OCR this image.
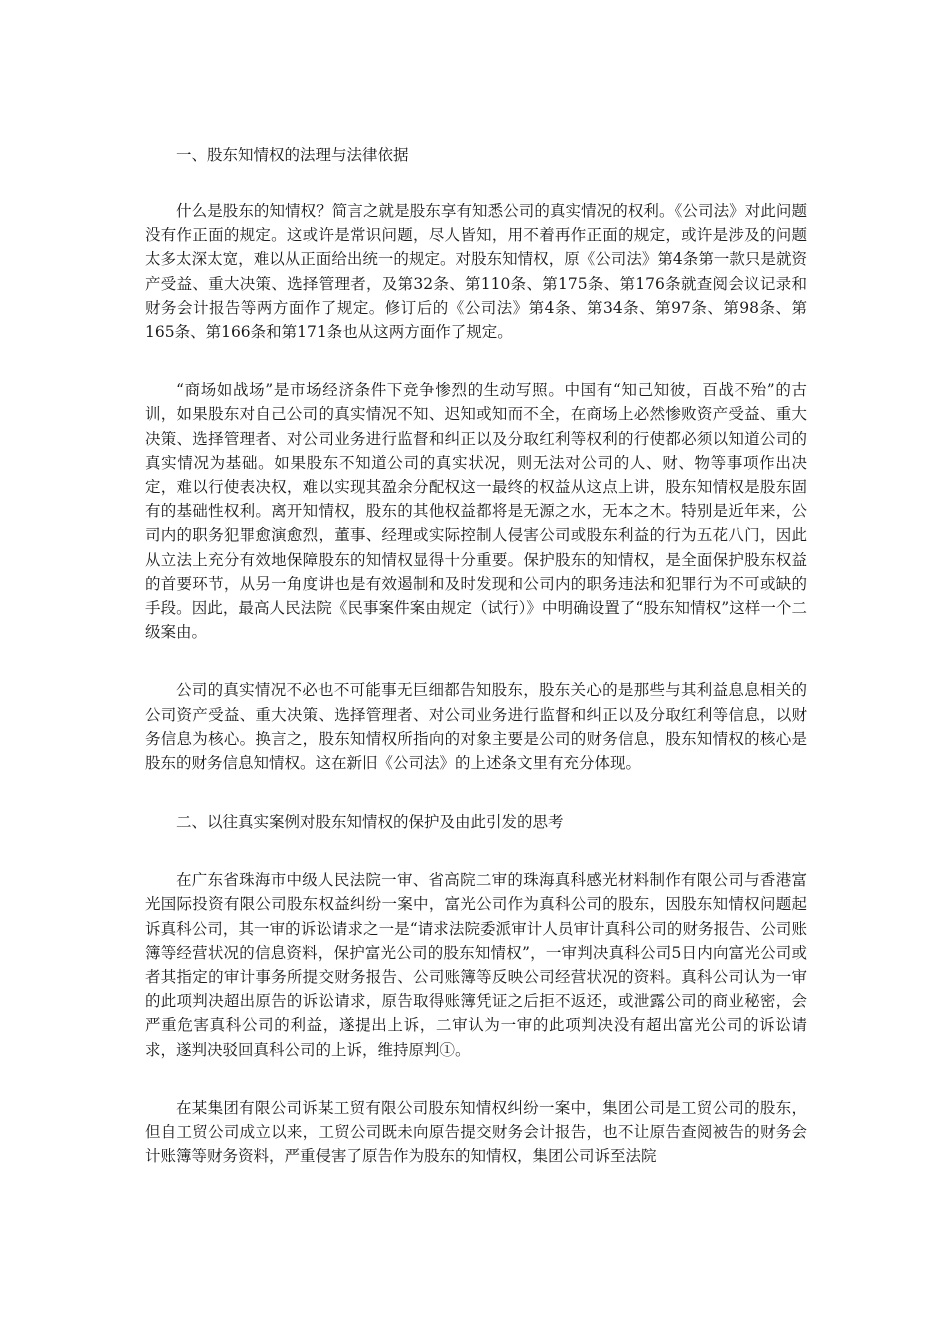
一、股东知情权的法理与法律依据

什么是股东的知情权？简言之就是股东享有知悉公司的真实情况的权利。《公司法》对此问题没有作正面的规定。这或许是常识问题，尽人皆知，用不着再作正面的规定，或许是涉及的问题太多太深太宽，难以从正面给出统一的规定。对股东知情权，原《公司法》第4条第一款只是就资产受益、重大决策、选择管理者，及第32条、第110条、第175条、第176条就查阅会议记录和财务会计报告等两方面作了规定。修订后的《公司法》第4条、第34条、第97条、第98条、第165条、第166条和第171条也从这两方面作了规定。

“商场如战场”是市场经济条件下竞争惨烈的生动写照。中国有“知己知彼，百战不殆”的古训，如果股东对自己公司的真实情况不知、迟知或知而不全，在商场上必然惨败资产受益、重大决策、选择管理者、对公司业务进行监督和纠正以及分取红利等权利的行使都必须以知道公司的真实情况为基础。如果股东不知道公司的真实状况，则无法对公司的人、财、物等事项作出决定，难以行使表决权，难以实现其盈余分配权这一最终的权益从这点上讲，股东知情权是股东固有的基础性权利。离开知情权，股东的其他权益都将是无源之水，无本之木。特别是近年来，公司内的职务犯罪愈演愈烈，董事、经理或实际控制人侵害公司或股东利益的行为五花八门，因此从立法上充分有效地保障股东的知情权显得十分重要。保护股东的知情权，是全面保护股东权益的首要环节，从另一角度讲也是有效遏制和及时发现和公司内的职务违法和犯罪行为不可或缺的手段。因此，最高人民法院《民事案件案由规定（试行）》中明确设置了“股东知情权”这样一个二级案由。

公司的真实情况不必也不可能事无巨细都告知股东，股东关心的是那些与其利益息息相关的公司资产受益、重大决策、选择管理者、对公司业务进行监督和纠正以及分取红利等信息，以财务信息为核心。换言之，股东知情权所指向的对象主要是公司的财务信息，股东知情权的核心是股东的财务信息知情权。这在新旧《公司法》的上述条文里有充分体现。

二、以往真实案例对股东知情权的保护及由此引发的思考

在广东省珠海市中级人民法院一审、省高院二审的珠海真科感光材料制作有限公司与香港富光国际投资有限公司股东权益纠纷一案中，富光公司作为真科公司的股东，因股东知情权问题起诉真科公司，其一审的诉讼请求之一是“请求法院委派审计人员审计真科公司的财务报告、公司账簿等经营状况的信息资料，保护富光公司的股东知情权”，一审判决真科公司5日内向富光公司或者其指定的审计事务所提交财务报告、公司账簿等反映公司经营状况的资料。真科公司认为一审的此项判决超出原告的诉讼请求，原告取得账簿凭证之后拒不返还，或泄露公司的商业秘密，会严重危害真科公司的利益，遂提出上诉，二审认为一审的此项判决没有超出富光公司的诉讼请求，遂判决驳回真科公司的上诉，维持原判①。

在某集团有限公司诉某工贸有限公司股东知情权纠纷一案中，集团公司是工贸公司的股东，但自工贸公司成立以来，工贸公司既未向原告提交财务会计报告，也不让原告查阅被告的财务会计账簿等财务资料，严重侵害了原告作为股东的知情权，集团公司诉至法院
